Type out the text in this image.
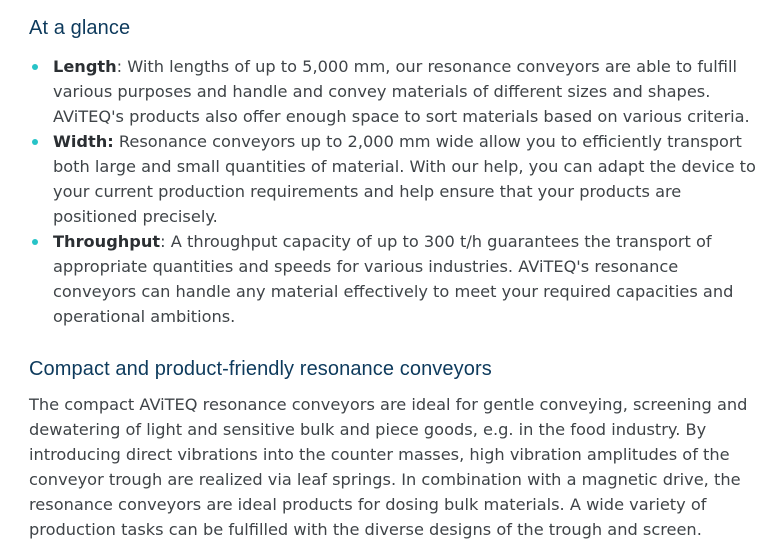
At a glance
Length: With lengths of up to 5,000 mm, our resonance conveyors are able to fulfill various purposes and handle and convey materials of different sizes and shapes. AViTEQ's products also offer enough space to sort materials based on various criteria.
Width: Resonance conveyors up to 2,000 mm wide allow you to efficiently transport both large and small quantities of material. With our help, you can adapt the device to your current production requirements and help ensure that your products are positioned precisely.
Throughput: A throughput capacity of up to 300 t/h guarantees the transport of appropriate quantities and speeds for various industries. AViTEQ's resonance conveyors can handle any material effectively to meet your required capacities and operational ambitions.
Compact and product-friendly resonance conveyors

The compact AViTEQ resonance conveyors are ideal for gentle conveying, screening and dewatering of light and sensitive bulk and piece goods, e.g. in the food industry. By introducing direct vibrations into the counter masses, high vibration amplitudes of the conveyor trough are realized via leaf springs. In combination with a magnetic drive, the resonance conveyors are ideal products for dosing bulk materials. A wide variety of production tasks can be fulfilled with the diverse designs of the trough and screen.
